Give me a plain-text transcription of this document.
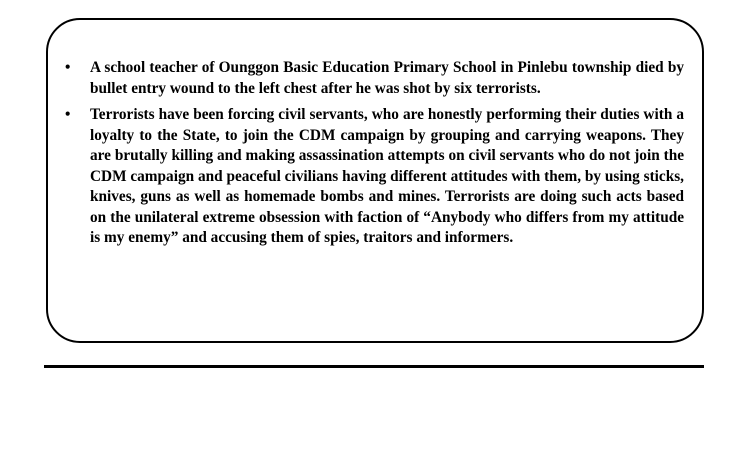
• A school teacher of Ounggon Basic Education Primary School in Pinlebu township died by bullet entry wound to the left chest after he was shot by six terrorists.
• Terrorists have been forcing civil servants, who are honestly performing their duties with a loyalty to the State, to join the CDM campaign by grouping and carrying weapons. They are brutally killing and making assassination attempts on civil servants who do not join the CDM campaign and peaceful civilians having different attitudes with them, by using sticks, knives, guns as well as homemade bombs and mines. Terrorists are doing such acts based on the unilateral extreme obsession with faction of “Anybody who differs from my attitude is my enemy” and accusing them of spies, traitors and informers.
